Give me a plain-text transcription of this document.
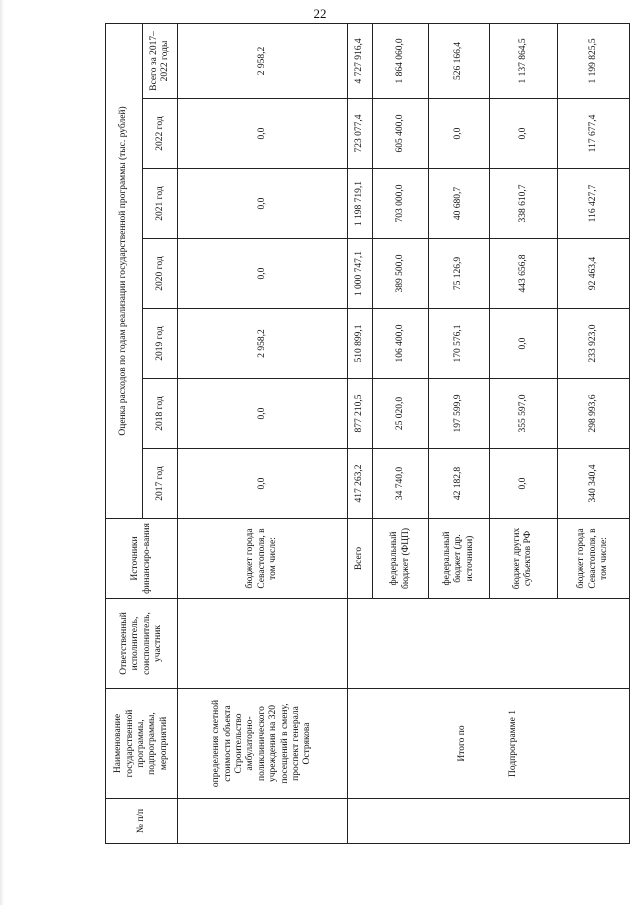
22
№ п/п	Наименование государственной программы, подпрограммы, мероприятий	Ответственный исполнитель, соисполнитель, участник	Источники финансиро-вания	Оценка расходов по годам реализации государственной программы (тыс. рублей)						
				2017 год	2018 год	2019 год	2020 год	2021 год	2022 год	Всего за 2017–2022 годы
	определения сметной стоимости объекта Строительство амбулаторно-поликлинического учреждения на 320 посещений в смену, проспект генерала Острякова		бюджет города Севастополя, в том числе:	0,0	0,0	2 958,2	0,0	0,0	0,0	2 958,2

	Итого по Подпрограмме 1		Всего	417 263,2	877 210,5	510 899,1	1 000 747,1	1 198 719,1	723 077,4	4 727 916,4
			федеральный бюджет (ФЦП)	34 740,0	25 020,0	106 400,0	389 500,0	703 000,0	605 400,0	1 864 060,0
			федеральный бюджет (др. источники)	42 182,8	197 599,9	170 576,1	75 126,9	40 680,7	0,0	526 166,4
			бюджет других субъектов РФ	0,0	355 597,0	0,0	443 656,8	338 610,7	0,0	1 137 864,5
			бюджет города Севастополя, в том числе:	340 340,4	298 993,6	233 923,0	92 463,4	116 427,7	117 677,4	1 199 825,5
